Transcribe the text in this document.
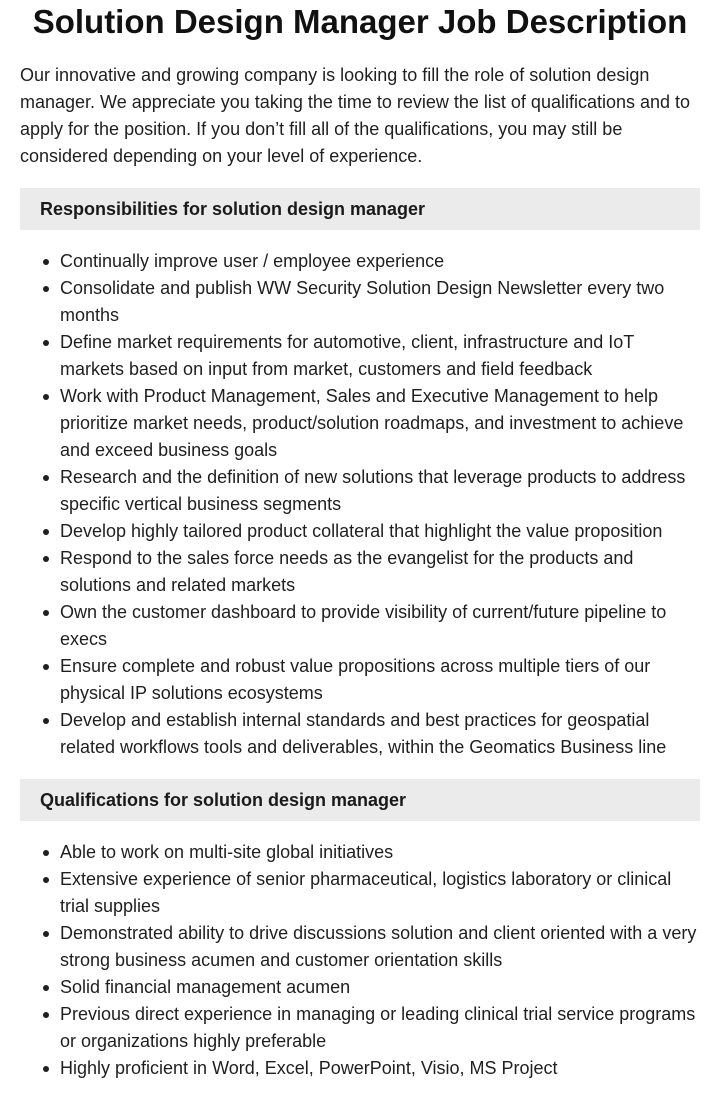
Solution Design Manager Job Description

Our innovative and growing company is looking to fill the role of solution design manager. We appreciate you taking the time to review the list of qualifications and to apply for the position. If you don’t fill all of the qualifications, you may still be considered depending on your level of experience.

Responsibilities for solution design manager
Continually improve user / employee experience
Consolidate and publish WW Security Solution Design Newsletter every two months
Define market requirements for automotive, client, infrastructure and IoT markets based on input from market, customers and field feedback
Work with Product Management, Sales and Executive Management to help prioritize market needs, product/solution roadmaps, and investment to achieve and exceed business goals
Research and the definition of new solutions that leverage products to address specific vertical business segments
Develop highly tailored product collateral that highlight the value proposition
Respond to the sales force needs as the evangelist for the products and solutions and related markets
Own the customer dashboard to provide visibility of current/future pipeline to execs
Ensure complete and robust value propositions across multiple tiers of our physical IP solutions ecosystems
Develop and establish internal standards and best practices for geospatial related workflows tools and deliverables, within the Geomatics Business line
Qualifications for solution design manager
Able to work on multi-site global initiatives
Extensive experience of senior pharmaceutical, logistics laboratory or clinical trial supplies
Demonstrated ability to drive discussions solution and client oriented with a very strong business acumen and customer orientation skills
Solid financial management acumen
Previous direct experience in managing or leading clinical trial service programs or organizations highly preferable
Highly proficient in Word, Excel, PowerPoint, Visio, MS Project
